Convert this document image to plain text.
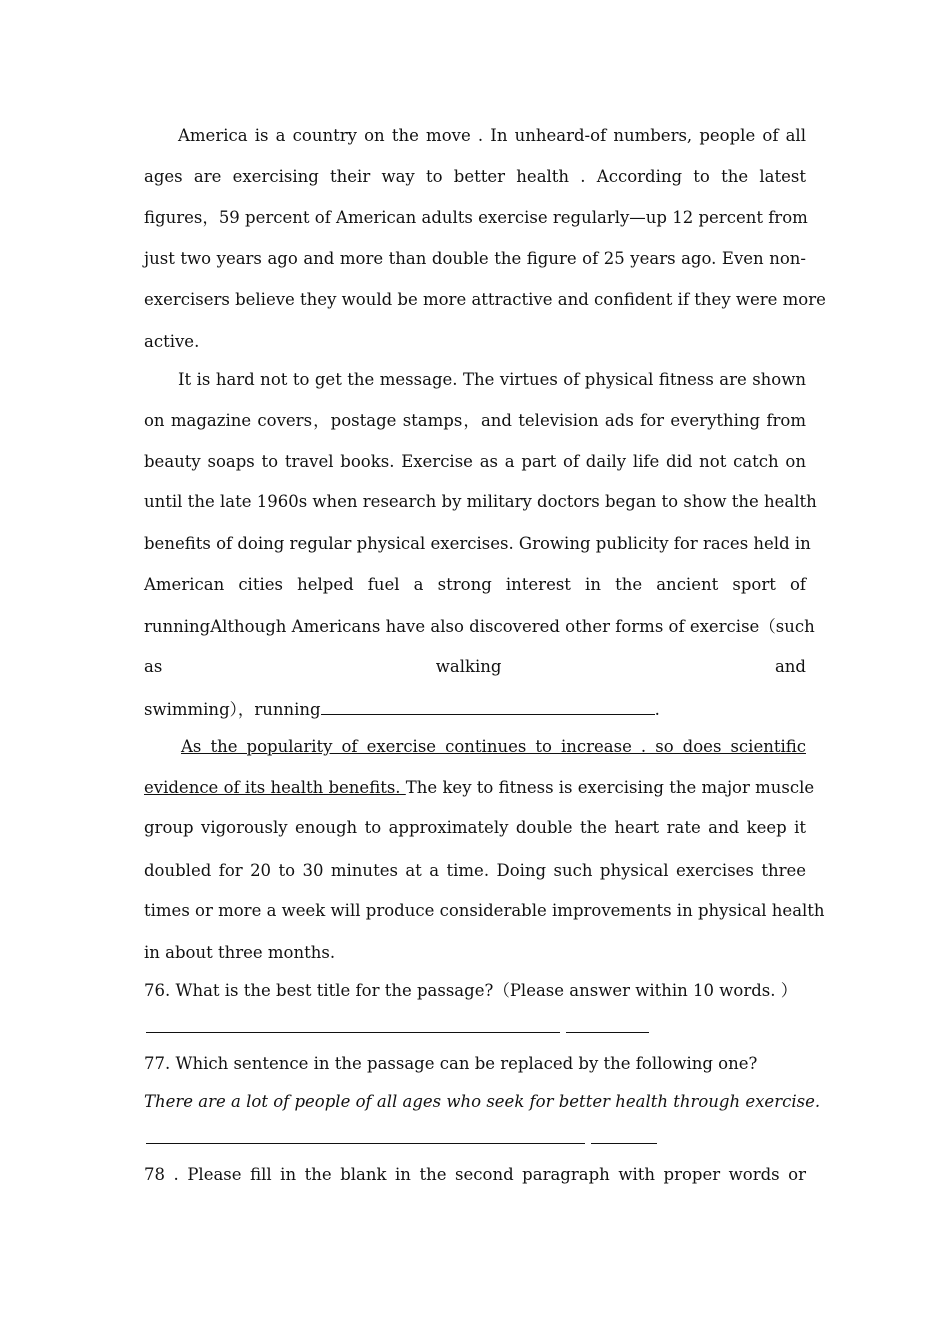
America is a country on the move . In unheard-of numbers, people of all
ages are exercising their way to better health . According to the latest
figures，59 percent of American adults exercise regularly—up 12 percent from
just two years ago and more than double the figure of 25 years ago. Even non-
exercisers believe they would be more attractive and confident if they were more
active.
It is hard not to get the message. The virtues of physical fitness are shown
on magazine covers，postage stamps，and television ads for everything from
beauty soaps to travel books. Exercise as a part of daily life did not catch on
until the late 1960s when research by military doctors began to show the health
benefits of doing regular physical exercises. Growing publicity for races held in
American cities helped fuel a strong interest in the ancient sport of
runningAlthough Americans have also discovered other forms of exercise（such
as	walking	and
swimming），running	.
As the popularity of exercise continues to increase . so does scientific
evidence of its health benefits. The key to fitness is exercising the major muscle
group vigorously enough to approximately double the heart rate and keep it
doubled for 20 to 30 minutes at a time. Doing such physical exercises three
times or more a week will produce considerable improvements in physical health
in about three months.
76. What is the best title for the passage?（Please answer within 10 words. ）
77. Which sentence in the passage can be replaced by the following one?
There are a lot of people of all ages who seek for better health through exercise.
78 . Please fill in the blank in the second paragraph with proper words or
